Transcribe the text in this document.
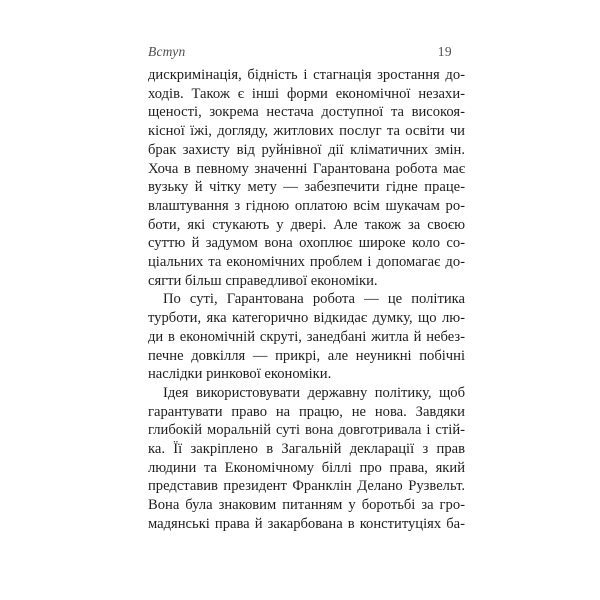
Вступ	19
дискримінація, бідність і стагнація зростання до-
ходів. Також є інші форми економічної незахи-
щеності, зокрема нестача доступної та високоя-
кісної їжі, догляду, житлових послуг та освіти чи
брак захисту від руйнівної дії кліматичних змін.
Хоча в певному значенні Гарантована робота має
вузьку й чітку мету — забезпечити гідне праце-
влаштування з гідною оплатою всім шукачам ро-
боти, які стукають у двері. Але також за своєю
суттю й задумом вона охоплює широке коло со-
ціальних та економічних проблем і допомагає до-
сягти більш справедливої економіки.
По суті, Гарантована робота — це політика
турботи, яка категорично відкидає думку, що лю-
ди в економічній скруті, занедбані житла й небез-
печне довкілля — прикрі, але неуникні побічні
наслідки ринкової економіки.
Ідея використовувати державну політику, щоб
гарантувати право на працю, не нова. Завдяки
глибокій моральній суті вона довготривала і стій-
ка. Її закріплено в Загальній декларації з прав
людини та Економічному біллі про права, який
представив президент Франклін Делано Рузвельт.
Вона була знаковим питанням у боротьбі за гро-
мадянські права й закарбована в конституціях ба-
